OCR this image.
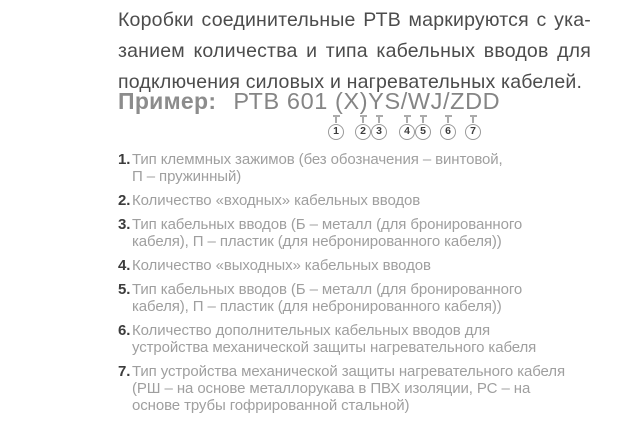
Коробки соединительные РТВ маркируются с ука-
занием количества и типа кабельных вводов для
подключения силовых и нагревательных кабелей.
Пример: РТВ 601 (X)YS/WJ/ZDD
1	2 3	4 5	6	7
1. Тип клеммных зажимов (без обозначения – винтовой,
П – пружинный)
2. Количество «входных» кабельных вводов
3. Тип кабельных вводов (Б – металл (для бронированного
кабеля), П – пластик (для небронированного кабеля))
4. Количество «выходных» кабельных вводов
5. Тип кабельных вводов (Б – металл (для бронированного
кабеля), П – пластик (для небронированного кабеля))
6. Количество дополнительных кабельных вводов для
устройства механической защиты нагревательного кабеля
7. Тип устройства механической защиты нагревательного кабеля
(РШ – на основе металлорукава в ПВХ изоляции, РС – на
основе трубы гофрированной стальной)
